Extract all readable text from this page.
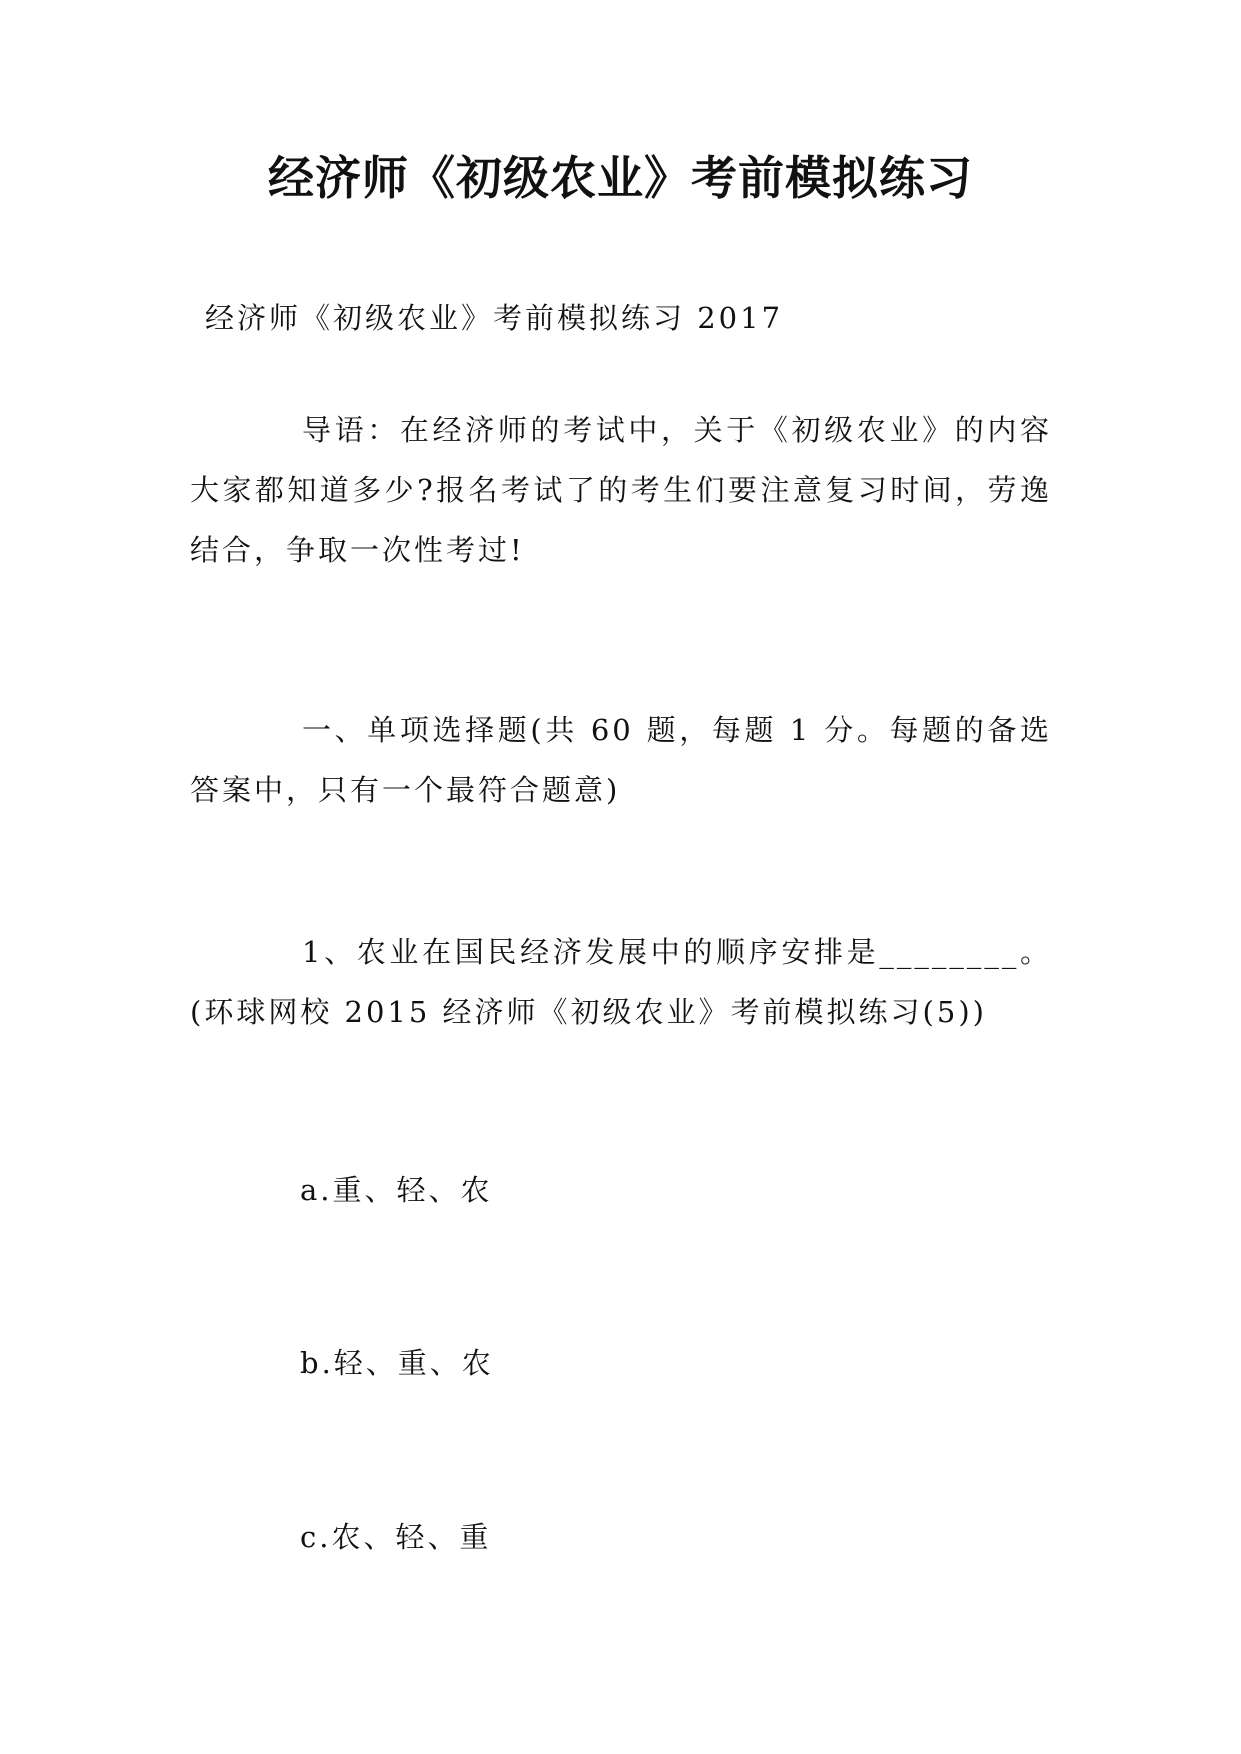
经济师《初级农业》考前模拟练习

经济师《初级农业》考前模拟练习 2017

导语：在经济师的考试中，关于《初级农业》的内容大家都知道多少?报名考试了的考生们要注意复习时间，劳逸结合，争取一次性考过!

一、单项选择题(共 60 题，每题 1 分。每题的备选答案中，只有一个最符合题意)

1、农业在国民经济发展中的顺序安排是________。(环球网校 2015 经济师《初级农业》考前模拟练习(5))

a.重、轻、农

b.轻、重、农

c.农、轻、重
